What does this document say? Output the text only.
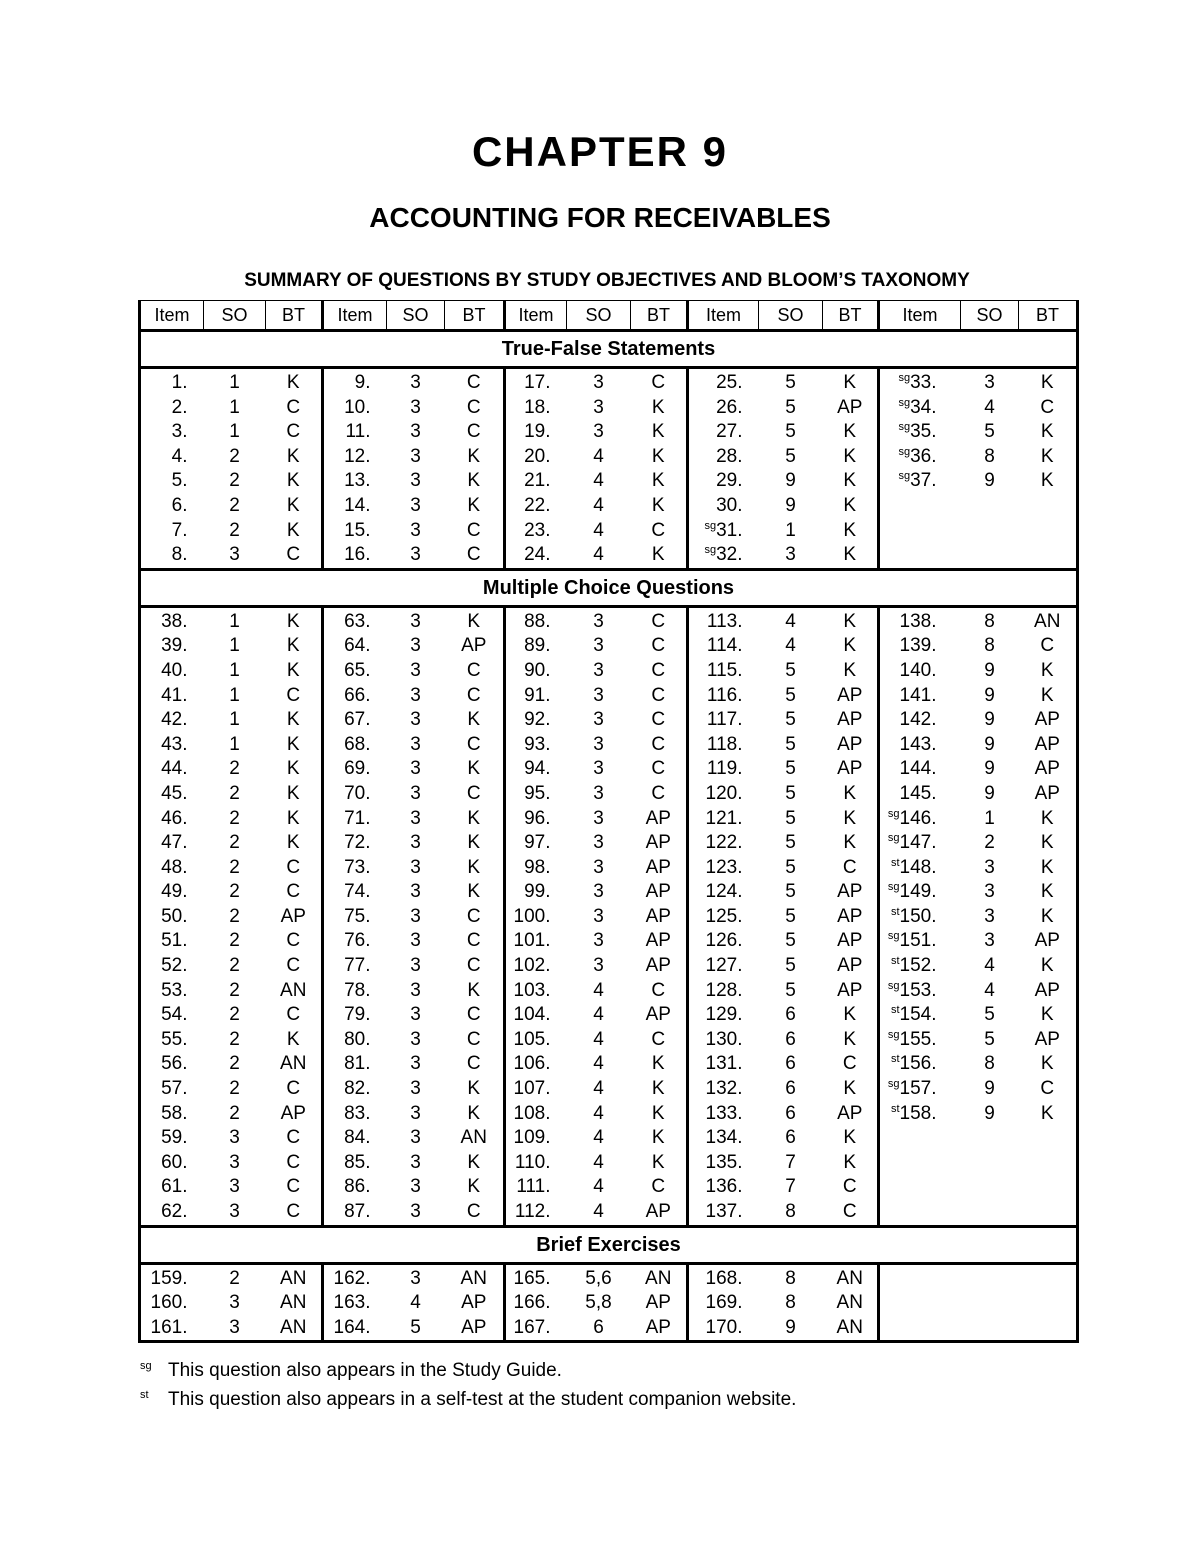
CHAPTER 9
ACCOUNTING FOR RECEIVABLES
SUMMARY OF QUESTIONS BY STUDY OBJECTIVES AND BLOOM’S TAXONOMY
Item	SO	BT	Item	SO	BT	Item	SO	BT	Item	SO	BT	Item	SO	BT
True-False Statements														
1.	1	K	9.	3	C	17.	3	C	25.	5	K	$^{sg}$33.	3	K
2.	1	C	10.	3	C	18.	3	K	26.	5	AP	$^{sg}$34.	4	C
3.	1	C	11.	3	C	19.	3	K	27.	5	K	$^{sg}$35.	5	K
4.	2	K	12.	3	K	20.	4	K	28.	5	K	$^{sg}$36.	8	K
5.	2	K	13.	3	K	21.	4	K	29.	9	K	$^{sg}$37.	9	K
6.	2	K	14.	3	K	22.	4	K	30.	9	K			
7.	2	K	15.	3	C	23.	4	C	$^{sg}$31.	1	K			
8.	3	C	16.	3	C	24.	4	K	$^{sg}$32.	3	K			
Multiple Choice Questions														
38.	1	K	63.	3	K	88.	3	C	113.	4	K	138.	8	AN
39.	1	K	64.	3	AP	89.	3	C	114.	4	K	139.	8	C
40.	1	K	65.	3	C	90.	3	C	115.	5	K	140.	9	K
41.	1	C	66.	3	C	91.	3	C	116.	5	AP	141.	9	K
42.	1	K	67.	3	K	92.	3	C	117.	5	AP	142.	9	AP
43.	1	K	68.	3	C	93.	3	C	118.	5	AP	143.	9	AP
44.	2	K	69.	3	K	94.	3	C	119.	5	AP	144.	9	AP
45.	2	K	70.	3	C	95.	3	C	120.	5	K	145.	9	AP
46.	2	K	71.	3	K	96.	3	AP	121.	5	K	$^{sg}$146.	1	K
47.	2	K	72.	3	K	97.	3	AP	122.	5	K	$^{sg}$147.	2	K
48.	2	C	73.	3	K	98.	3	AP	123.	5	C	$^{st}$148.	3	K
49.	2	C	74.	3	K	99.	3	AP	124.	5	AP	$^{sg}$149.	3	K
50.	2	AP	75.	3	C	100.	3	AP	125.	5	AP	$^{st}$150.	3	K
51.	2	C	76.	3	C	101.	3	AP	126.	5	AP	$^{sg}$151.	3	AP
52.	2	C	77.	3	C	102.	3	AP	127.	5	AP	$^{st}$152.	4	K
53.	2	AN	78.	3	K	103.	4	C	128.	5	AP	$^{sg}$153.	4	AP
54.	2	C	79.	3	C	104.	4	AP	129.	6	K	$^{st}$154.	5	K
55.	2	K	80.	3	C	105.	4	C	130.	6	K	$^{sg}$155.	5	AP
56.	2	AN	81.	3	C	106.	4	K	131.	6	C	$^{st}$156.	8	K
57.	2	C	82.	3	K	107.	4	K	132.	6	K	$^{sg}$157.	9	C
58.	2	AP	83.	3	K	108.	4	K	133.	6	AP	$^{st}$158.	9	K
59.	3	C	84.	3	AN	109.	4	K	134.	6	K			
60.	3	C	85.	3	K	110.	4	K	135.	7	K			
61.	3	C	86.	3	K	111.	4	C	136.	7	C			
62.	3	C	87.	3	C	112.	4	AP	137.	8	C			
Brief Exercises														
159.	2	AN	162.	3	AN	165.	5,6	AN	168.	8	AN			
160.	3	AN	163.	4	AP	166.	5,8	AP	169.	8	AN			
161.	3	AN	164.	5	AP	167.	6	AP	170.	9	AN			
sg This question also appears in the Study Guide.
st This question also appears in a self-test at the student companion website.
